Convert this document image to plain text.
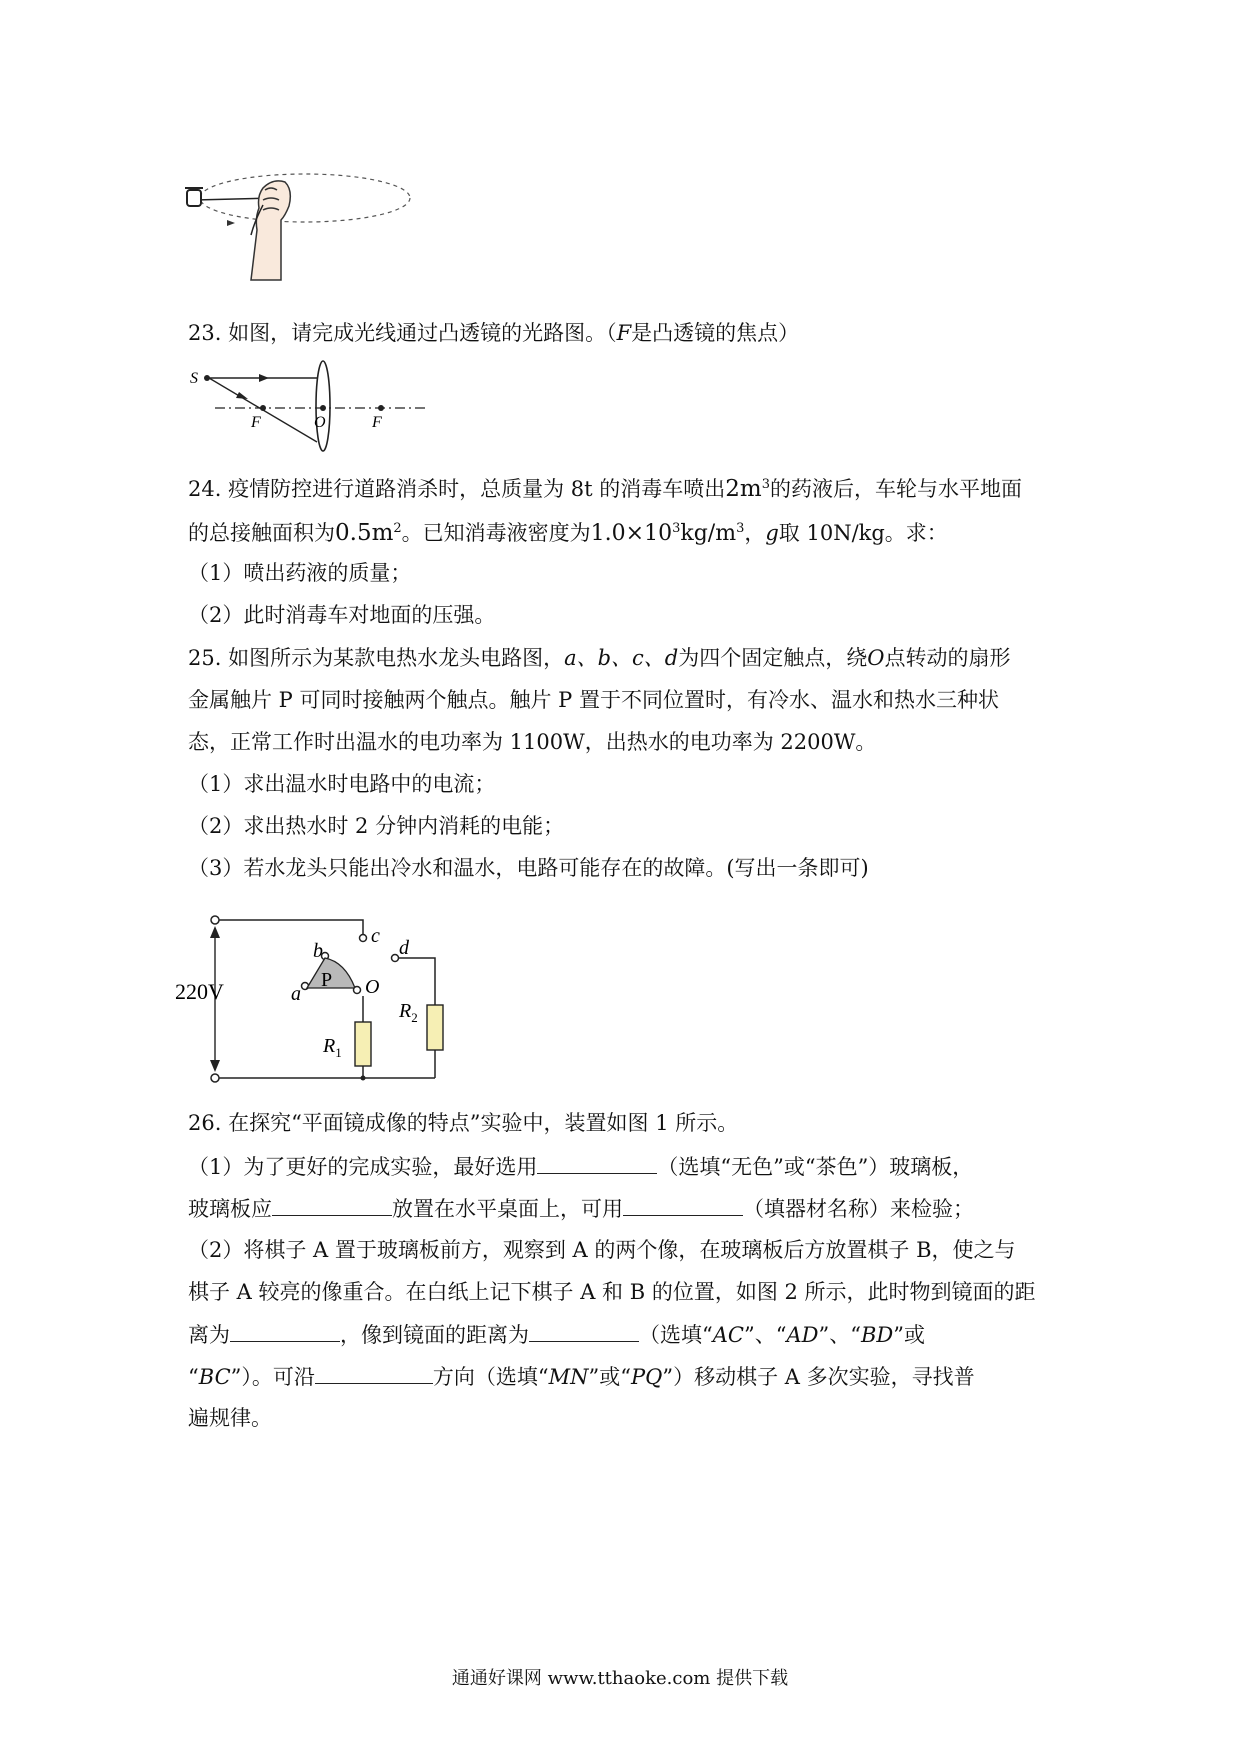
23. 如图，请完成光线通过凸透镜的光路图。（F是凸透镜的焦点）
S
F	O	F
24. 疫情防控进行道路消杀时，总质量为 8t 的消毒车喷出$2m^3$的药液后，车轮与水平地面
的总接触面积为$0.5m^2$。已知消毒液密度为$1.0\times 10^3kg/m^3$，g取 10N/kg。求：
（1）喷出药液的质量；
（2）此时消毒车对地面的压强。
25. 如图所示为某款电热水龙头电路图，a、b、c、d为四个固定触点，绕O点转动的扇形
金属触片 P 可同时接触两个触点。触片 P 置于不同位置时，有冷水、温水和热水三种状
态，正常工作时出温水的电功率为 1100W，出热水的电功率为 2200W。
（1）求出温水时电路中的电流；
（2）求出热水时 2 分钟内消耗的电能；
（3）若水龙头只能出冷水和温水，电路可能存在的故障。(写出一条即可)
220V
c
d
b
a
P O
$R_1$
$R_2$
26. 在探究“平面镜成像的特点”实验中，装置如图 1 所示。
（1）为了更好的完成实验，最好选用	（选填“无色”或“茶色”）玻璃板，
玻璃板应	放置在水平桌面上，可用	（填器材名称）来检验；
（2）将棋子 A 置于玻璃板前方，观察到 A 的两个像，在玻璃板后方放置棋子 B，使之与
棋子 A 较亮的像重合。在白纸上记下棋子 A 和 B 的位置，如图 2 所示，此时物到镜面的距
离为	，像到镜面的距离为	（选填“AC”、“AD”、“BD”或
“BC”）。可沿	方向（选填“MN”或“PQ”）移动棋子 A 多次实验，寻找普
遍规律。
通通好课网 www.tthaoke.com 提供下载
